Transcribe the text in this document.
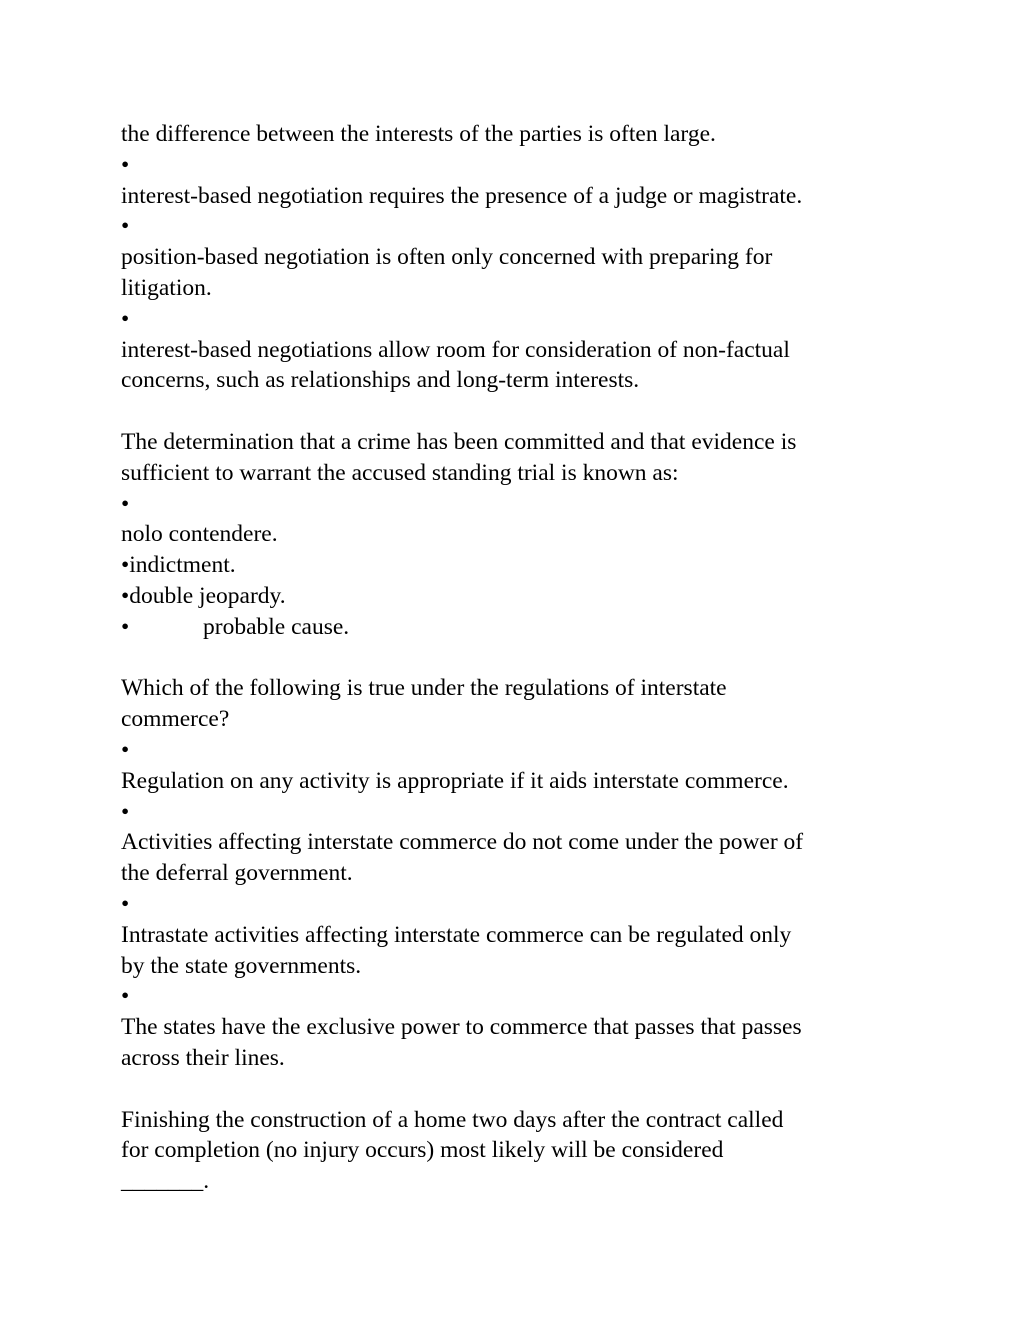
the difference between the interests of the parties is often large.
•
interest-based negotiation requires the presence of a judge or magistrate.
•
position-based negotiation is often only concerned with preparing for
litigation.
•
interest-based negotiations allow room for consideration of non-factual
concerns, such as relationships and long-term interests.
The determination that a crime has been committed and that evidence is
sufficient to warrant the accused standing trial is known as:
•
nolo contendere.
•indictment.
•double jeopardy.
•	probable cause.
Which of the following is true under the regulations of interstate
commerce?
•
Regulation on any activity is appropriate if it aids interstate commerce.
•
Activities affecting interstate commerce do not come under the power of
the deferral government.
•
Intrastate activities affecting interstate commerce can be regulated only
by the state governments.
•
The states have the exclusive power to commerce that passes that passes
across their lines.
Finishing the construction of a home two days after the contract called
for completion (no injury occurs) most likely will be considered
_______.
